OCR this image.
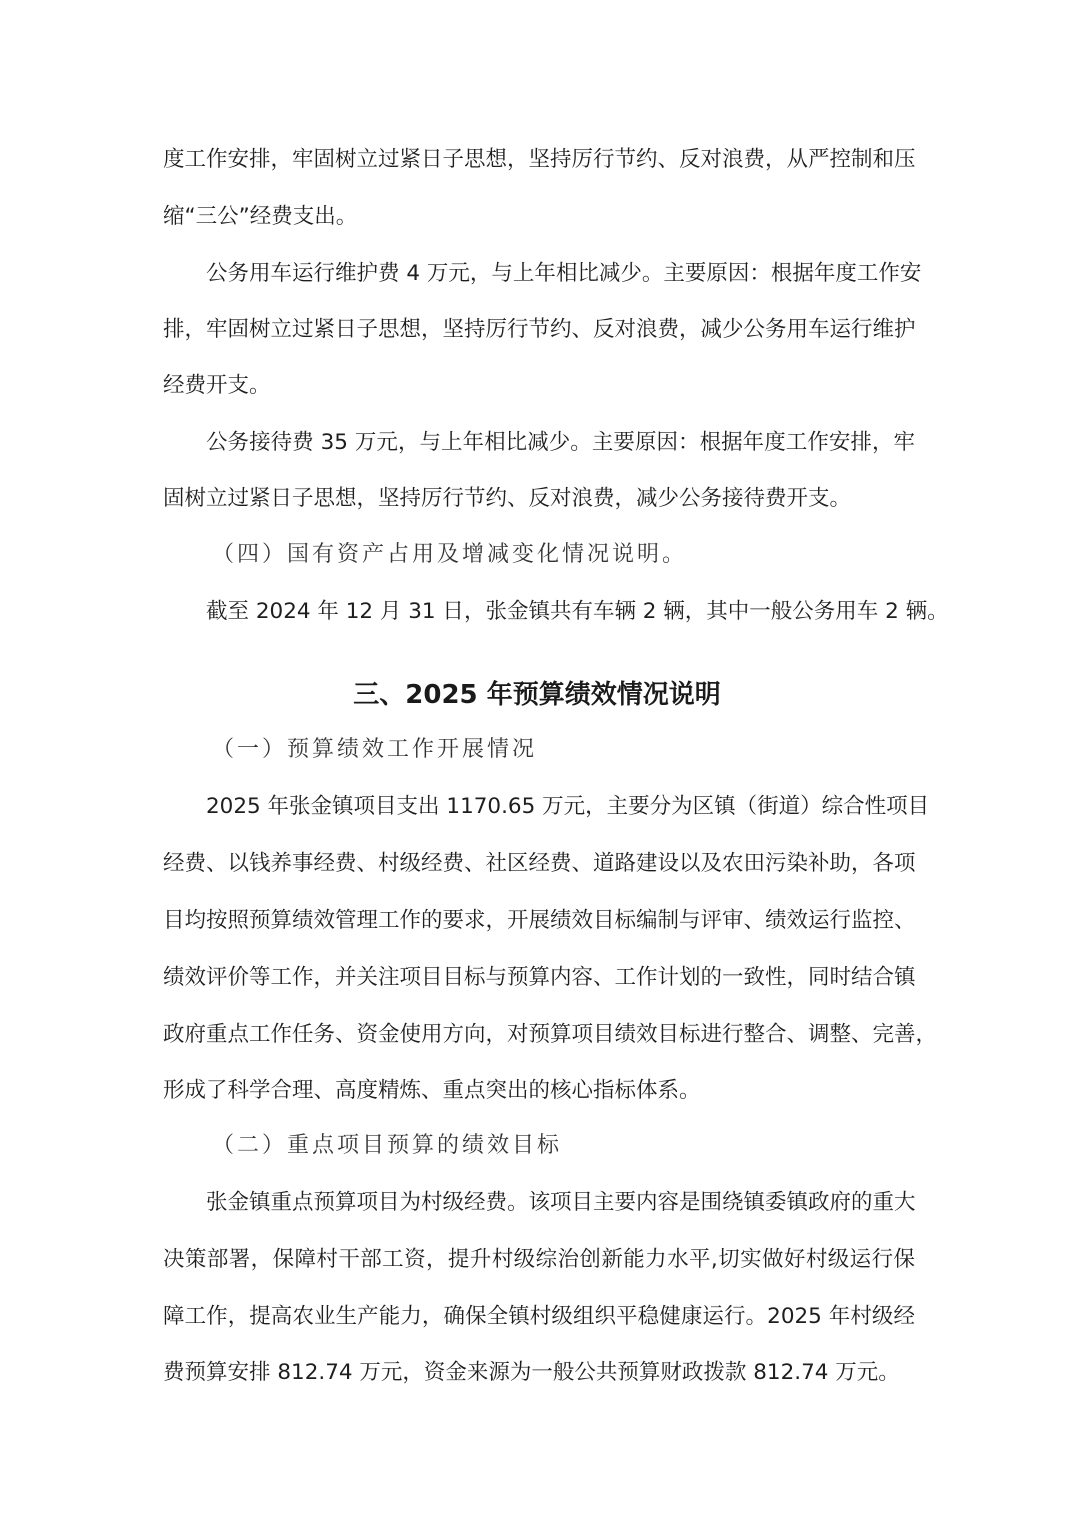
度工作安排，牢固树立过紧日子思想，坚持厉行节约、反对浪费，从严控制和压
缩“三公”经费支出。
公务用车运行维护费 4 万元，与上年相比减少。主要原因：根据年度工作安
排，牢固树立过紧日子思想，坚持厉行节约、反对浪费，减少公务用车运行维护
经费开支。
公务接待费 35 万元，与上年相比减少。主要原因：根据年度工作安排，牢
固树立过紧日子思想，坚持厉行节约、反对浪费，减少公务接待费开支。
（四）国有资产占用及增减变化情况说明。
截至 2024 年 12 月 31 日，张金镇共有车辆 2 辆，其中一般公务用车 2 辆。
三、2025 年预算绩效情况说明
（一）预算绩效工作开展情况
2025 年张金镇项目支出 1170.65 万元，主要分为区镇（街道）综合性项目
经费、以钱养事经费、村级经费、社区经费、道路建设以及农田污染补助，各项
目均按照预算绩效管理工作的要求，开展绩效目标编制与评审、绩效运行监控、
绩效评价等工作，并关注项目目标与预算内容、工作计划的一致性，同时结合镇
政府重点工作任务、资金使用方向，对预算项目绩效目标进行整合、调整、完善，
形成了科学合理、高度精炼、重点突出的核心指标体系。
（二）重点项目预算的绩效目标
张金镇重点预算项目为村级经费。该项目主要内容是围绕镇委镇政府的重大
决策部署，保障村干部工资，提升村级综治创新能力水平,切实做好村级运行保
障工作，提高农业生产能力，确保全镇村级组织平稳健康运行。2025 年村级经
费预算安排 812.74 万元，资金来源为一般公共预算财政拨款 812.74 万元。
